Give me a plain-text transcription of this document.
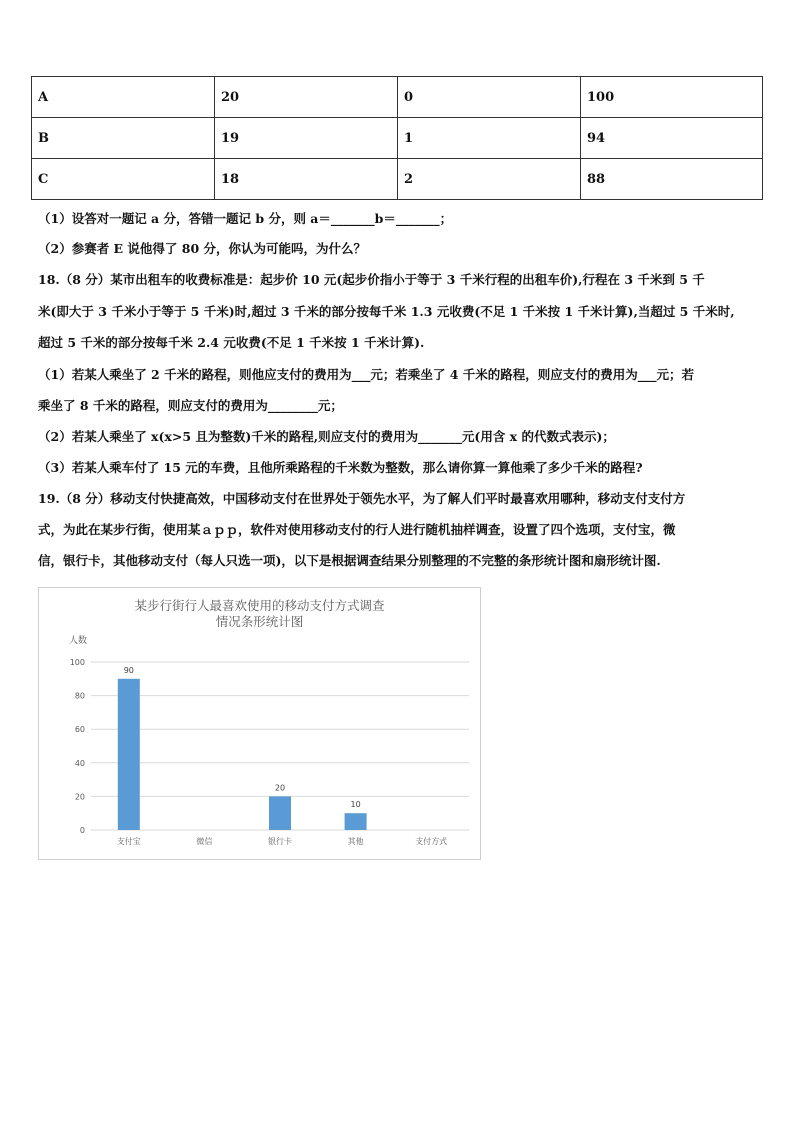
A	20	0	100
B	19	1	94
C	18	2	88
（1）设答对一题记 a 分，答错一题记 b 分，则 a＝_______b＝_______；
（2）参赛者 E 说他得了 80 分，你认为可能吗，为什么？
18.（8 分）某市出租车的收费标准是：起步价 10 元(起步价指小于等于 3 千米行程的出租车价),行程在 3 千米到 5 千
米(即大于 3 千米小于等于 5 千米)时,超过 3 千米的部分按每千米 1.3 元收费(不足 1 千米按 1 千米计算),当超过 5 千米时,
超过 5 千米的部分按每千米 2.4 元收费(不足 1 千米按 1 千米计算).
（1）若某人乘坐了 2 千米的路程，则他应支付的费用为___元；若乘坐了 4 千米的路程，则应支付的费用为___元；若
乘坐了 8 千米的路程，则应支付的费用为________元；
（2）若某人乘坐了 x(x>5 且为整数)千米的路程,则应支付的费用为_______元(用含 x 的代数式表示)；
（3）若某人乘车付了 15 元的车费，且他所乘路程的千米数为整数，那么请你算一算他乘了多少千米的路程?
19.（8 分）移动支付快捷高效，中国移动支付在世界处于领先水平，为了解人们平时最喜欢用哪种，移动支付支付方
式，为此在某步行街，使用某ａｐｐ，软件对使用移动支付的行人进行随机抽样调查，设置了四个选项，支付宝，微
信，银行卡，其他移动支付（每人只选一项)，以下是根据调查结果分别整理的不完整的条形统计图和扇形统计图.
某步行街行人最喜欢使用的移动支付方式调查
情况条形统计图
人数
0
20
40
60
80
100
90
支付宝	微信
20
银行卡
10
其他	支付方式
